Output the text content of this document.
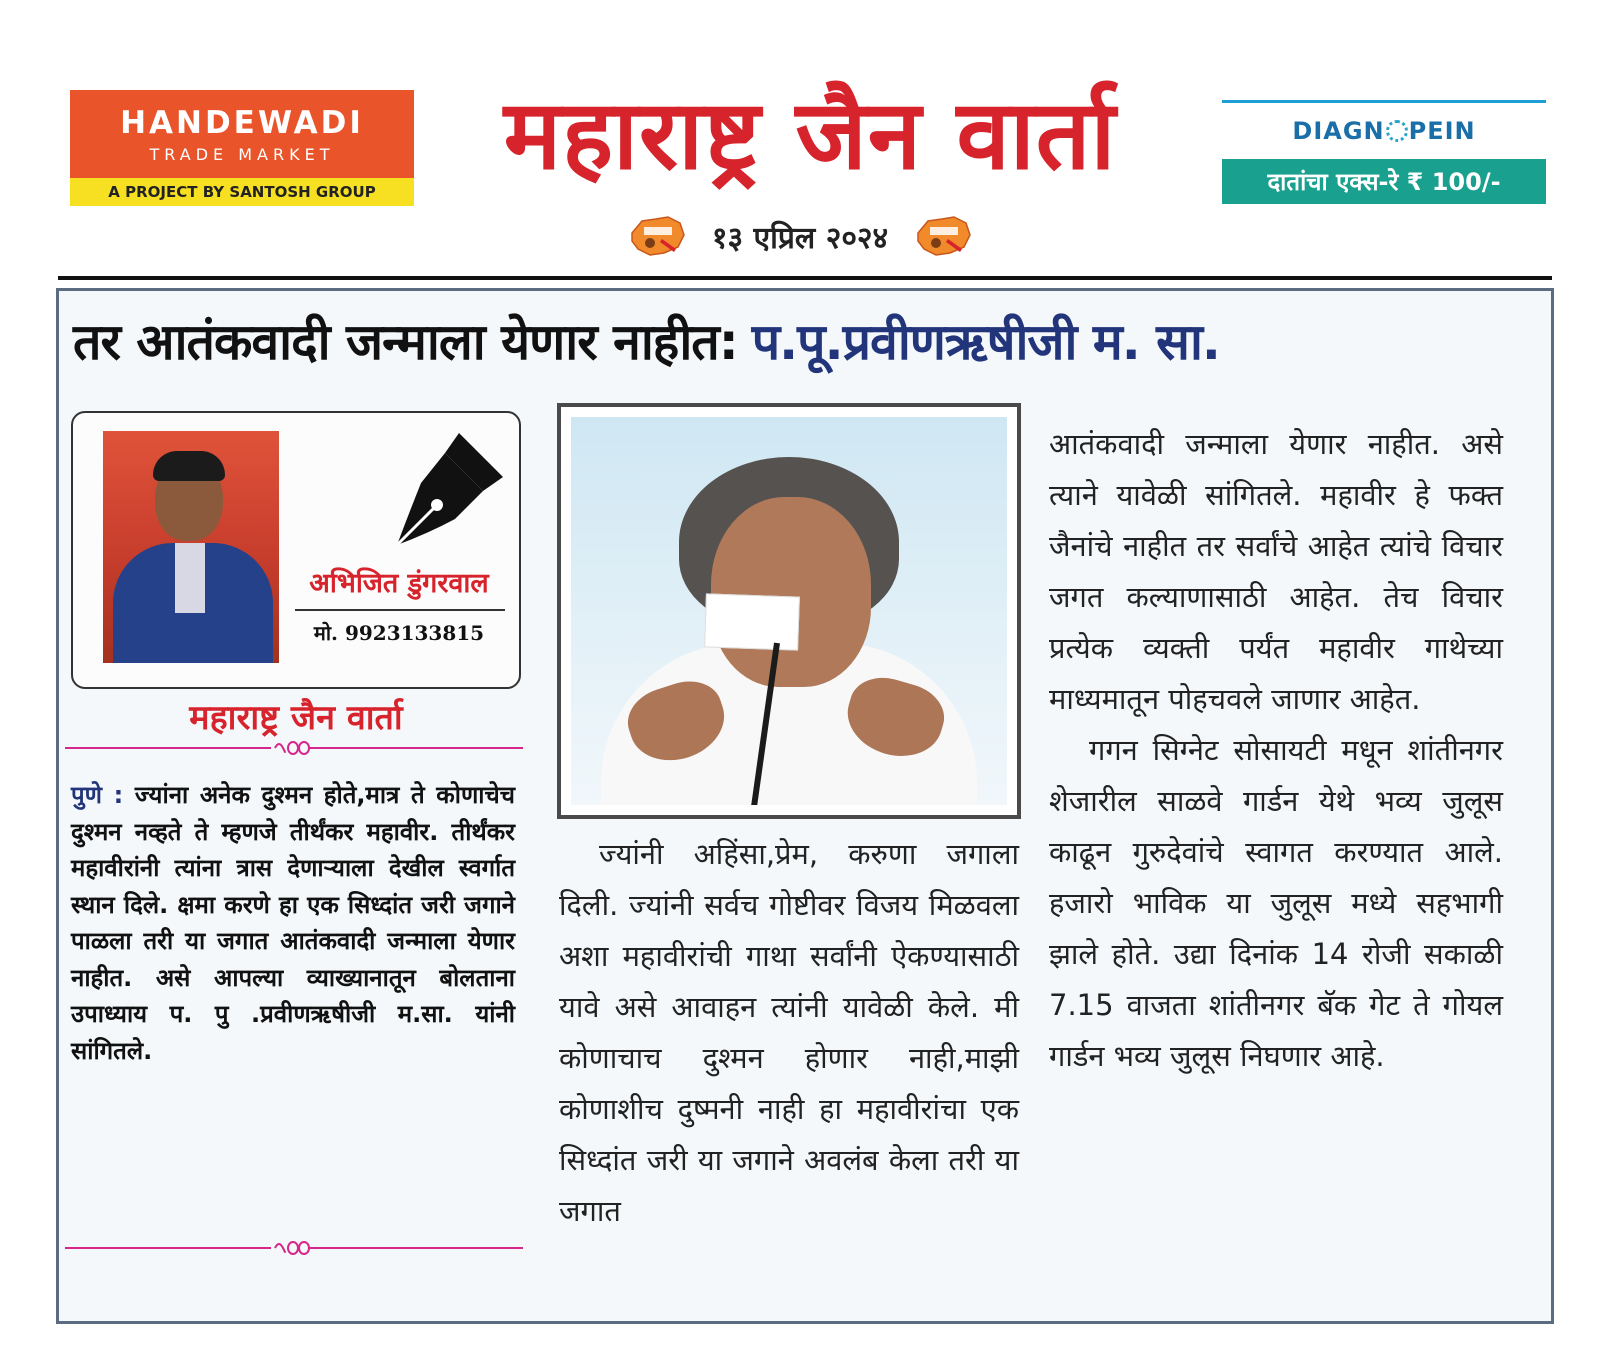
HANDEWADI
TRADE MARKET
A PROJECT BY SANTOSH GROUP
महाराष्ट्र जैन वार्ता	DIAGN PEIN
दातांचा एक्स-रे ₹ 100/-
१३ एप्रिल २०२४
तर आतंकवादी जन्माला येणार नाहीत: प.पू.प्रवीणऋषीजी म. सा.
अभिजित डुंगरवाल
मो. 9923133815
महाराष्ट्र जैन वार्ता

पुणे : ज्यांना अनेक दुश्मन होते,मात्र ते कोणाचेच दुश्मन नव्हते ते म्हणजे तीर्थंकर महावीर. तीर्थंकर महावीरांनी त्यांना त्रास देणाऱ्याला देखील स्वर्गात स्थान दिले. क्षमा करणे हा एक सिध्दांत जरी जगाने पाळला तरी या जगात आतंकवादी जन्माला येणार नाहीत. असे आपल्या व्याख्यानातून बोलताना उपाध्याय प. पु .प्रवीणऋषीजी म.सा. यांनी सांगितले.

ज्यांनी अहिंसा,प्रेम, करुणा जगाला दिली. ज्यांनी सर्वच गोष्टीवर विजय मिळवला अशा महावीरांची गाथा सर्वांनी ऐकण्यासाठी यावे असे आवाहन त्यांनी यावेळी केले. मी कोणाचाच दुश्मन होणार नाही,माझी कोणाशीच दुष्मनी नाही हा महावीरांचा एक सिध्दांत जरी या जगाने अवलंब केला तरी या जगात

आतंकवादी जन्माला येणार नाहीत. असे त्याने यावेळी सांगितले. महावीर हे फक्त जैनांचे नाहीत तर सर्वांचे आहेत त्यांचे विचार जगत कल्याणासाठी आहेत. तेच विचार प्रत्येक व्यक्ती पर्यंत महावीर गाथेच्या माध्यमातून पोहचवले जाणार आहेत.

गगन सिग्नेट सोसायटी मधून शांतीनगर शेजारील साळवे गार्डन येथे भव्य जुलूस काढून गुरुदेवांचे स्वागत करण्यात आले. हजारो भाविक या जुलूस मध्ये सहभागी झाले होते. उद्या दिनांक 14 रोजी सकाळी 7.15 वाजता शांतीनगर बॅक गेट ते गोयल गार्डन भव्य जुलूस निघणार आहे.
